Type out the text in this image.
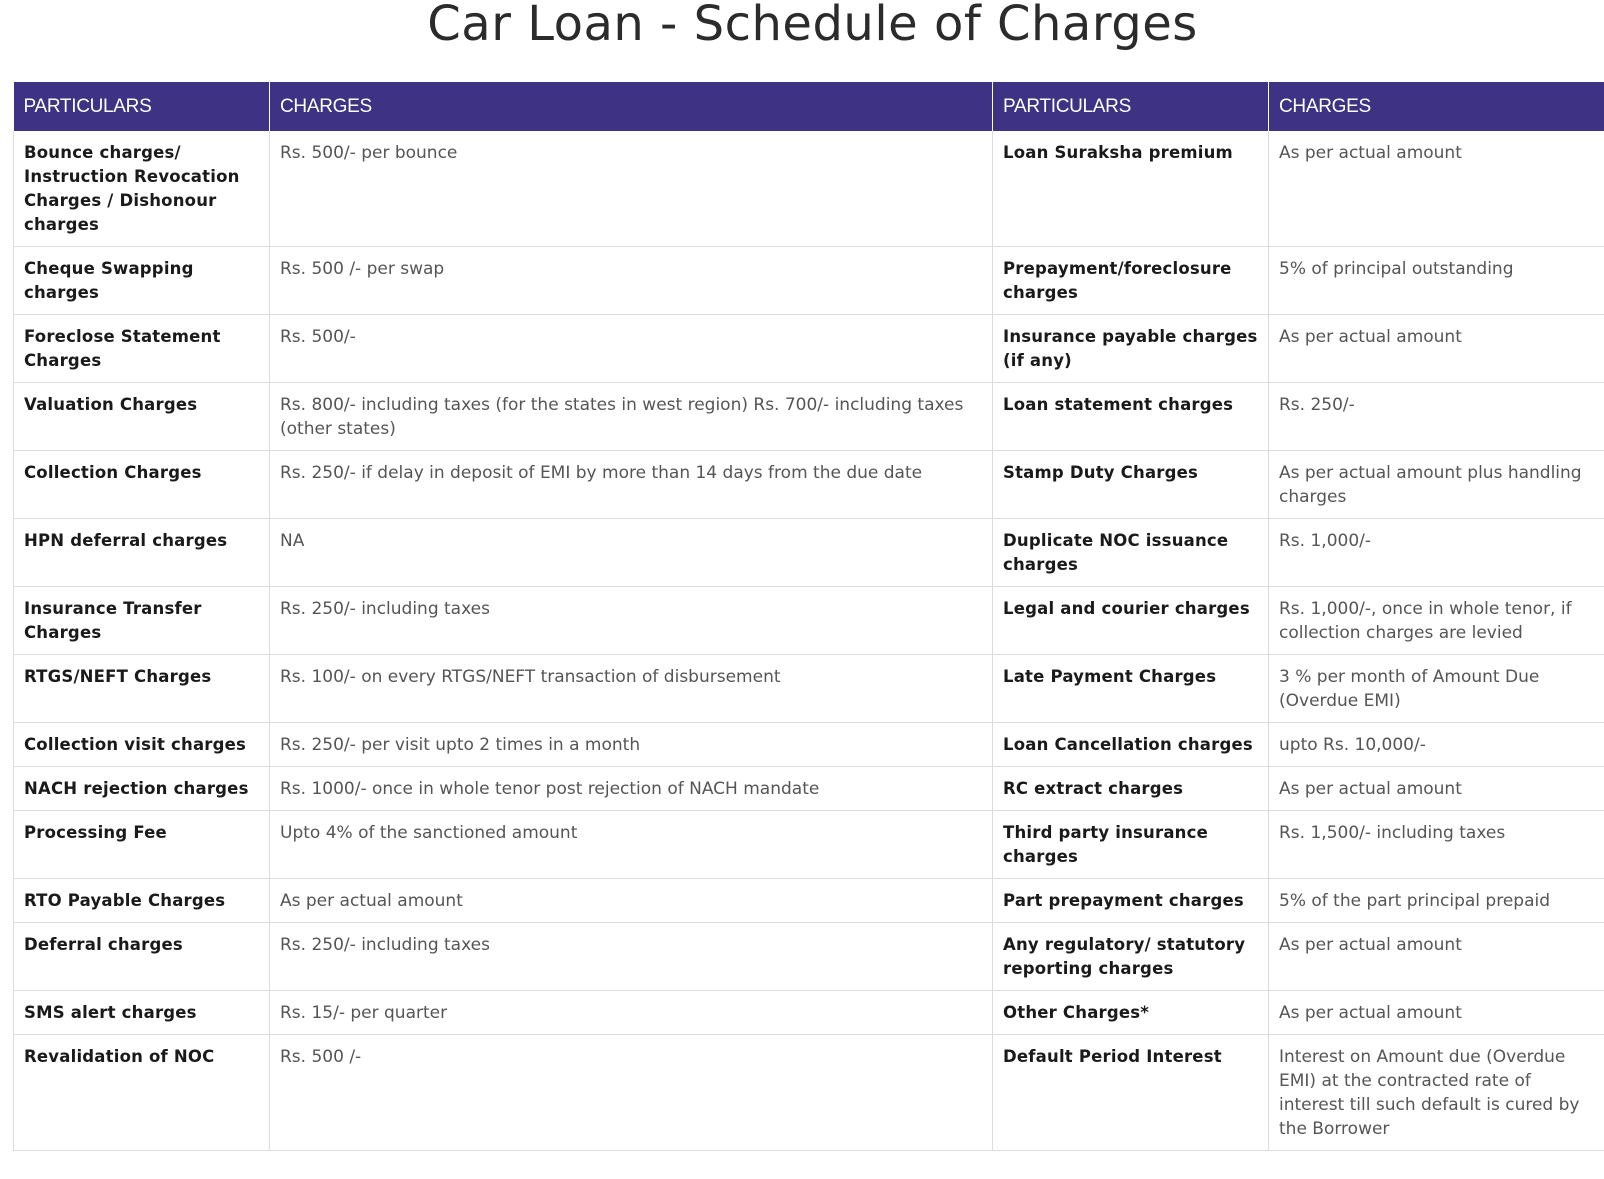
Car Loan - Schedule of Charges
PARTICULARS	CHARGES	PARTICULARS	CHARGES
Bounce charges/ Instruction Revocation Charges / Dishonour charges	Rs. 500/- per bounce	Loan Suraksha premium	As per actual amount
Cheque Swapping charges	Rs. 500 /- per swap	Prepayment/foreclosure charges	5% of principal outstanding
Foreclose Statement Charges	Rs. 500/-	Insurance payable charges (if any)	As per actual amount
Valuation Charges	Rs. 800/- including taxes (for the states in west region) Rs. 700/- including taxes (other states)	Loan statement charges	Rs. 250/-
Collection Charges	Rs. 250/- if delay in deposit of EMI by more than 14 days from the due date	Stamp Duty Charges	As per actual amount plus handling charges
HPN deferral charges	NA	Duplicate NOC issuance charges	Rs. 1,000/-
Insurance Transfer Charges	Rs. 250/- including taxes	Legal and courier charges	Rs. 1,000/-, once in whole tenor, if collection charges are levied
RTGS/NEFT Charges	Rs. 100/- on every RTGS/NEFT transaction of disbursement	Late Payment Charges	3 % per month of Amount Due (Overdue EMI)
Collection visit charges	Rs. 250/- per visit upto 2 times in a month	Loan Cancellation charges	upto Rs. 10,000/-
NACH rejection charges	Rs. 1000/- once in whole tenor post rejection of NACH mandate	RC extract charges	As per actual amount
Processing Fee	Upto 4% of the sanctioned amount	Third party insurance charges	Rs. 1,500/- including taxes
RTO Payable Charges	As per actual amount	Part prepayment charges	5% of the part principal prepaid
Deferral charges	Rs. 250/- including taxes	Any regulatory/ statutory reporting charges	As per actual amount
SMS alert charges	Rs. 15/- per quarter	Other Charges*	As per actual amount
Revalidation of NOC	Rs. 500 /-	Default Period Interest	Interest on Amount due (Overdue EMI) at the contracted rate of interest till such default is cured by the Borrower
